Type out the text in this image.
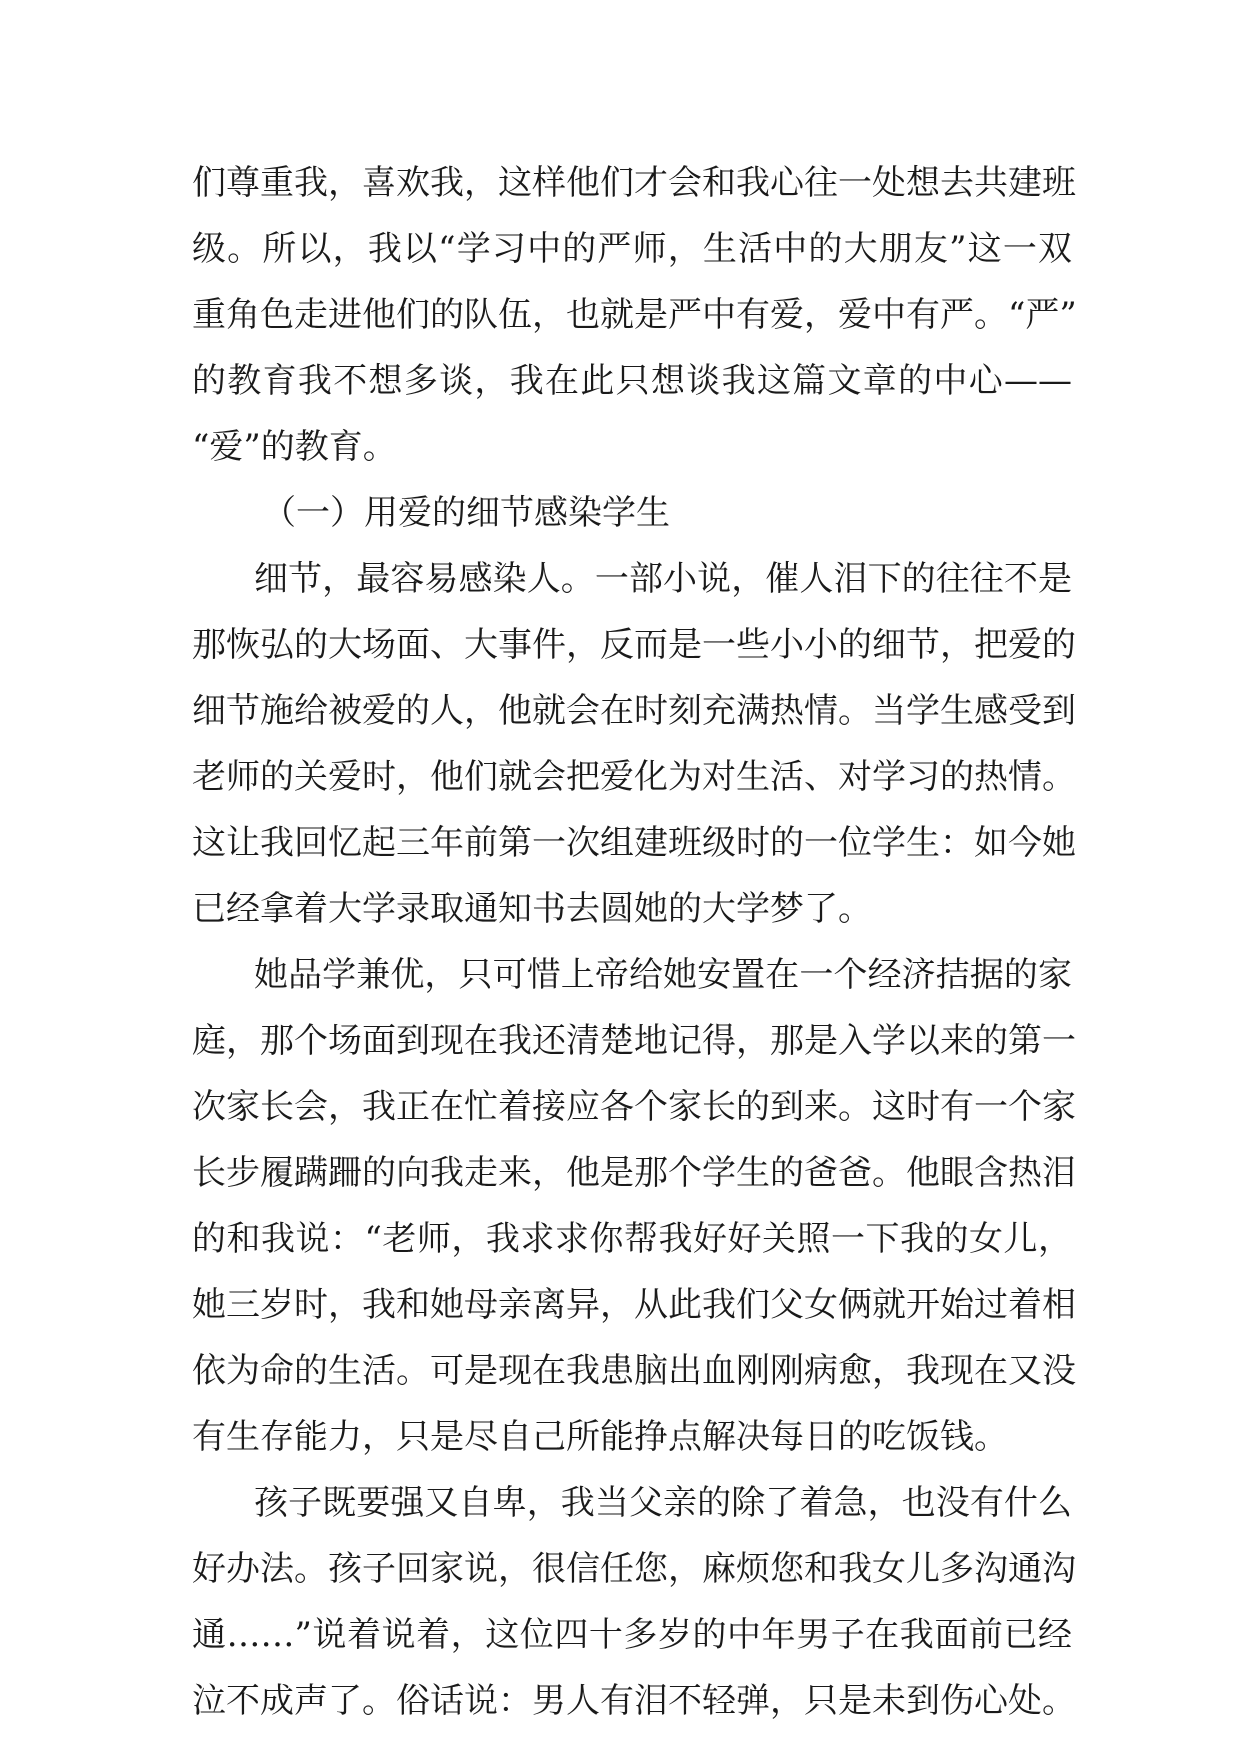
们尊重我，喜欢我，这样他们才会和我心往一处想去共建班
级。所以，我以“学习中的严师，生活中的大朋友”这一双
重角色走进他们的队伍，也就是严中有爱，爱中有严。“严”
的教育我不想多谈，我在此只想谈我这篇文章的中心——
“爱”的教育。
（一）用爱的细节感染学生
细节，最容易感染人。一部小说，催人泪下的往往不是
那恢弘的大场面、大事件，反而是一些小小的细节，把爱的
细节施给被爱的人，他就会在时刻充满热情。当学生感受到
老师的关爱时，他们就会把爱化为对生活、对学习的热情。
这让我回忆起三年前第一次组建班级时的一位学生：如今她
已经拿着大学录取通知书去圆她的大学梦了。
她品学兼优，只可惜上帝给她安置在一个经济拮据的家
庭，那个场面到现在我还清楚地记得，那是入学以来的第一
次家长会，我正在忙着接应各个家长的到来。这时有一个家
长步履蹒跚的向我走来，他是那个学生的爸爸。他眼含热泪
的和我说：“老师，我求求你帮我好好关照一下我的女儿，
她三岁时，我和她母亲离异，从此我们父女俩就开始过着相
依为命的生活。可是现在我患脑出血刚刚病愈，我现在又没
有生存能力，只是尽自己所能挣点解决每日的吃饭钱。
孩子既要强又自卑，我当父亲的除了着急，也没有什么
好办法。孩子回家说，很信任您，麻烦您和我女儿多沟通沟
通……”说着说着，这位四十多岁的中年男子在我面前已经
泣不成声了。俗话说：男人有泪不轻弹，只是未到伤心处。
